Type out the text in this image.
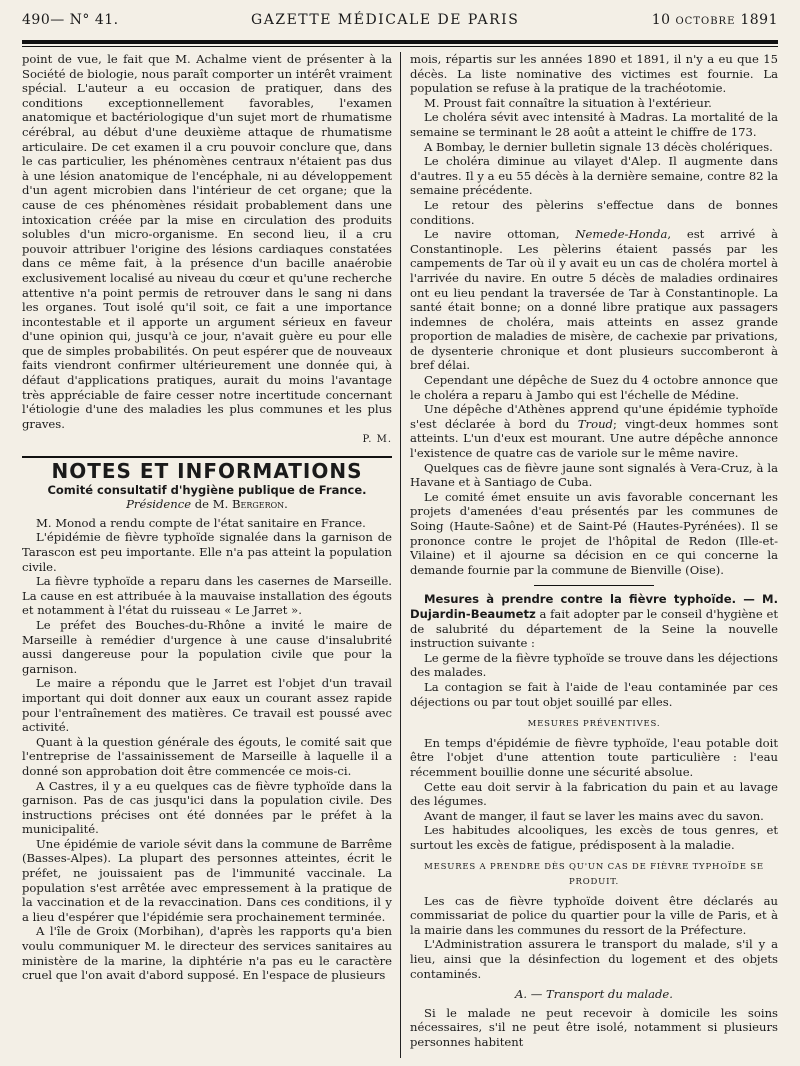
490— N° 41.	GAZETTE MÉDICALE DE PARIS	10 OCTOBRE 1891

point de vue, le fait que M. Achalme vient de présenter à la Société de biologie, nous paraît comporter un intérêt vraiment spécial. L'auteur a eu occasion de pratiquer, dans des conditions exceptionnellement favorables, l'examen anatomique et bactériologique d'un sujet mort de rhumatisme cérébral, au début d'une deuxième attaque de rhumatisme articulaire. De cet examen il a cru pouvoir conclure que, dans le cas particulier, les phénomènes centraux n'étaient pas dus à une lésion anatomique de l'encéphale, ni au développement d'un agent microbien dans l'intérieur de cet organe; que la cause de ces phénomènes résidait probablement dans une intoxication créée par la mise en circulation des produits solubles d'un micro-organisme. En second lieu, il a cru pouvoir attribuer l'origine des lésions cardiaques constatées dans ce même fait, à la présence d'un bacille anaérobie exclusivement localisé au niveau du cœur et qu'une recherche attentive n'a point permis de retrouver dans le sang ni dans les organes. Tout isolé qu'il soit, ce fait a une importance incontestable et il apporte un argument sérieux en faveur d'une opinion qui, jusqu'à ce jour, n'avait guère eu pour elle que de simples probabilités. On peut espérer que de nouveaux faits viendront confirmer ultérieurement une donnée qui, à défaut d'applications pratiques, aurait du moins l'avantage très appréciable de faire cesser notre incertitude concernant l'étiologie d'une des maladies les plus communes et les plus graves.

P. M.
NOTES ET INFORMATIONS
Comité consultatif d'hygiène publique de France.
Présidence de M. Bergeron.

M. Monod a rendu compte de l'état sanitaire en France.

L'épidémie de fièvre typhoïde signalée dans la garnison de Tarascon est peu importante. Elle n'a pas atteint la population civile.

La fièvre typhoïde a reparu dans les casernes de Marseille. La cause en est attribuée à la mauvaise installation des égouts et notamment à l'état du ruisseau « Le Jarret ».

Le préfet des Bouches-du-Rhône a invité le maire de Marseille à remédier d'urgence à une cause d'insalubrité aussi dangereuse pour la population civile que pour la garnison.

Le maire a répondu que le Jarret est l'objet d'un travail important qui doit donner aux eaux un courant assez rapide pour l'entraînement des matières. Ce travail est poussé avec activité.

Quant à la question générale des égouts, le comité sait que l'entreprise de l'assainissement de Marseille à laquelle il a donné son approbation doit être commencée ce mois-ci.

A Castres, il y a eu quelques cas de fièvre typhoïde dans la garnison. Pas de cas jusqu'ici dans la population civile. Des instructions précises ont été données par le préfet à la municipalité.

Une épidémie de variole sévit dans la commune de Barrême (Basses-Alpes). La plupart des personnes atteintes, écrit le préfet, ne jouissaient pas de l'immunité vaccinale. La population s'est arrêtée avec empressement à la pratique de la vaccination et de la revaccination. Dans ces conditions, il y a lieu d'espérer que l'épidémie sera prochainement terminée.

A l'île de Groix (Morbihan), d'après les rapports qu'a bien voulu communiquer M. le directeur des services sanitaires au ministère de la marine, la diphtérie n'a pas eu le caractère cruel que l'on avait d'abord supposé. En l'espace de plusieurs

mois, répartis sur les années 1890 et 1891, il n'y a eu que 15 décès. La liste nominative des victimes est fournie. La population se refuse à la pratique de la trachéotomie.

M. Proust fait connaître la situation à l'extérieur.

Le choléra sévit avec intensité à Madras. La mortalité de la semaine se terminant le 28 août a atteint le chiffre de 173.

A Bombay, le dernier bulletin signale 13 décès cholériques.

Le choléra diminue au vilayet d'Alep. Il augmente dans d'autres. Il y a eu 55 décès à la dernière semaine, contre 82 la semaine précédente.

Le retour des pèlerins s'effectue dans de bonnes conditions.

Le navire ottoman, Nemede-Honda, est arrivé à Constantinople. Les pèlerins étaient passés par les campements de Tar où il y avait eu un cas de choléra mortel à l'arrivée du navire. En outre 5 décès de maladies ordinaires ont eu lieu pendant la traversée de Tar à Constantinople. La santé était bonne; on a donné libre pratique aux passagers indemnes de choléra, mais atteints en assez grande proportion de maladies de misère, de cachexie par privations, de dysenterie chronique et dont plusieurs succomberont à bref délai.

Cependant une dépêche de Suez du 4 octobre annonce que le choléra a reparu à Jambo qui est l'échelle de Médine.

Une dépêche d'Athènes apprend qu'une épidémie typhoïde s'est déclarée à bord du Troud; vingt-deux hommes sont atteints. L'un d'eux est mourant. Une autre dépêche annonce l'existence de quatre cas de variole sur le même navire.

Quelques cas de fièvre jaune sont signalés à Vera-Cruz, à la Havane et à Santiago de Cuba.

Le comité émet ensuite un avis favorable concernant les projets d'amenées d'eau présentés par les communes de Soing (Haute-Saône) et de Saint-Pé (Hautes-Pyrénées). Il se prononce contre le projet de l'hôpital de Redon (Ille-et-Vilaine) et il ajourne sa décision en ce qui concerne la demande fournie par la commune de Bienville (Oise).

Mesures à prendre contre la fièvre typhoïde. — M. Dujardin-Beaumetz a fait adopter par le conseil d'hygiène et de salubrité du département de la Seine la nouvelle instruction suivante :

Le germe de la fièvre typhoïde se trouve dans les déjections des malades.

La contagion se fait à l'aide de l'eau contaminée par ces déjections ou par tout objet souillé par elles.

MESURES PRÉVENTIVES.

En temps d'épidémie de fièvre typhoïde, l'eau potable doit être l'objet d'une attention toute particulière : l'eau récemment bouillie donne une sécurité absolue.

Cette eau doit servir à la fabrication du pain et au lavage des légumes.

Avant de manger, il faut se laver les mains avec du savon.

Les habitudes alcooliques, les excès de tous genres, et surtout les excès de fatigue, prédisposent à la maladie.

MESURES A PRENDRE DÈS QU'UN CAS DE FIÈVRE TYPHOÏDE SE PRODUIT.

Les cas de fièvre typhoïde doivent être déclarés au commissariat de police du quartier pour la ville de Paris, et à la mairie dans les communes du ressort de la Préfecture.

L'Administration assurera le transport du malade, s'il y a lieu, ainsi que la désinfection du logement et des objets contaminés.

A. — Transport du malade.

Si le malade ne peut recevoir à domicile les soins nécessaires, s'il ne peut être isolé, notamment si plusieurs personnes habitent
